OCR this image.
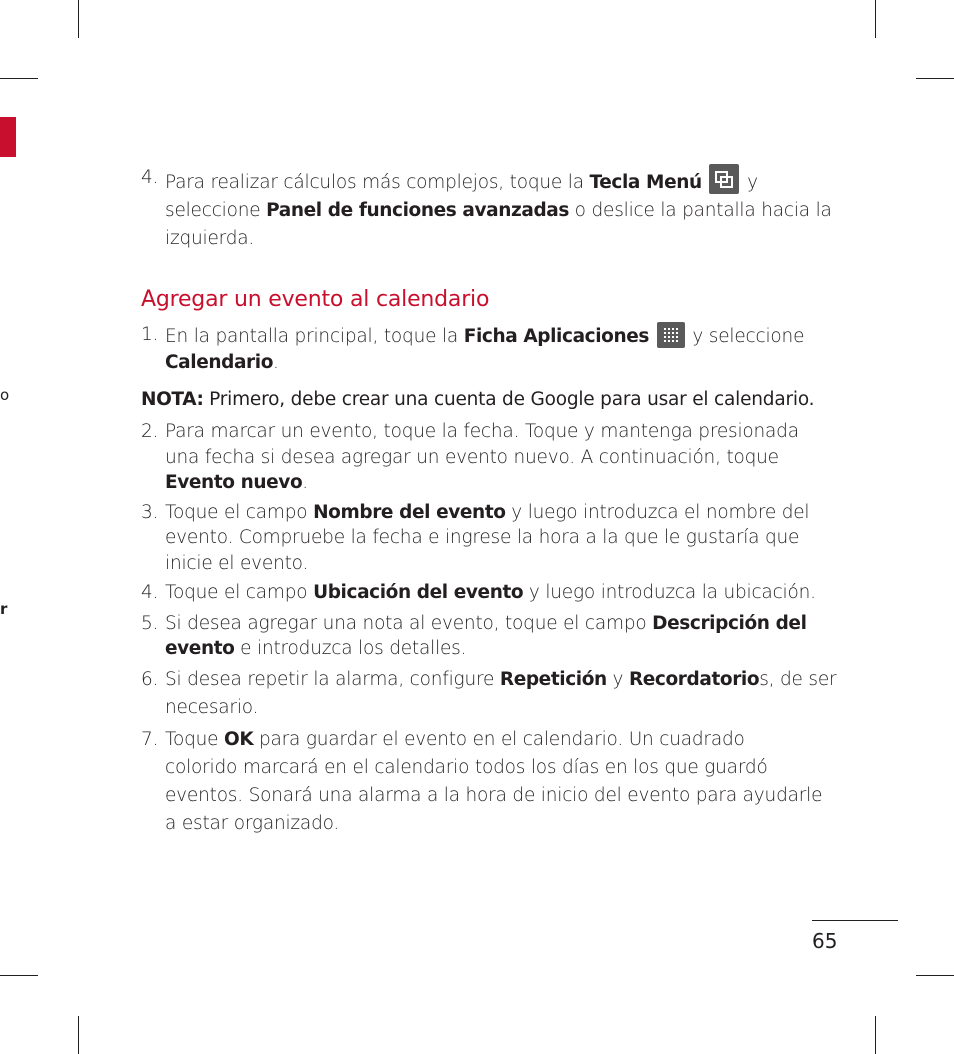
o
r
4. Para realizar cálculos más complejos, toque la Tecla Menú  y
seleccione Panel de funciones avanzadas o deslice la pantalla hacia la
izquierda.
Agregar un evento al calendario
1. En la pantalla principal, toque la Ficha Aplicaciones  y seleccione
Calendario.
NOTA: Primero, debe crear una cuenta de Google para usar el calendario.
2. Para marcar un evento, toque la fecha. Toque y mantenga presionada
una fecha si desea agregar un evento nuevo. A continuación, toque
Evento nuevo.
3. Toque el campo Nombre del evento y luego introduzca el nombre del
evento. Compruebe la fecha e ingrese la hora a la que le gustaría que
inicie el evento.
4. Toque el campo Ubicación del evento y luego introduzca la ubicación.
5. Si desea agregar una nota al evento, toque el campo Descripción del
evento e introduzca los detalles.
6. Si desea repetir la alarma, configure Repetición y Recordatorios, de ser
necesario.
7. Toque OK para guardar el evento en el calendario. Un cuadrado
colorido marcará en el calendario todos los días en los que guardó
eventos. Sonará una alarma a la hora de inicio del evento para ayudarle
a estar organizado.
65
